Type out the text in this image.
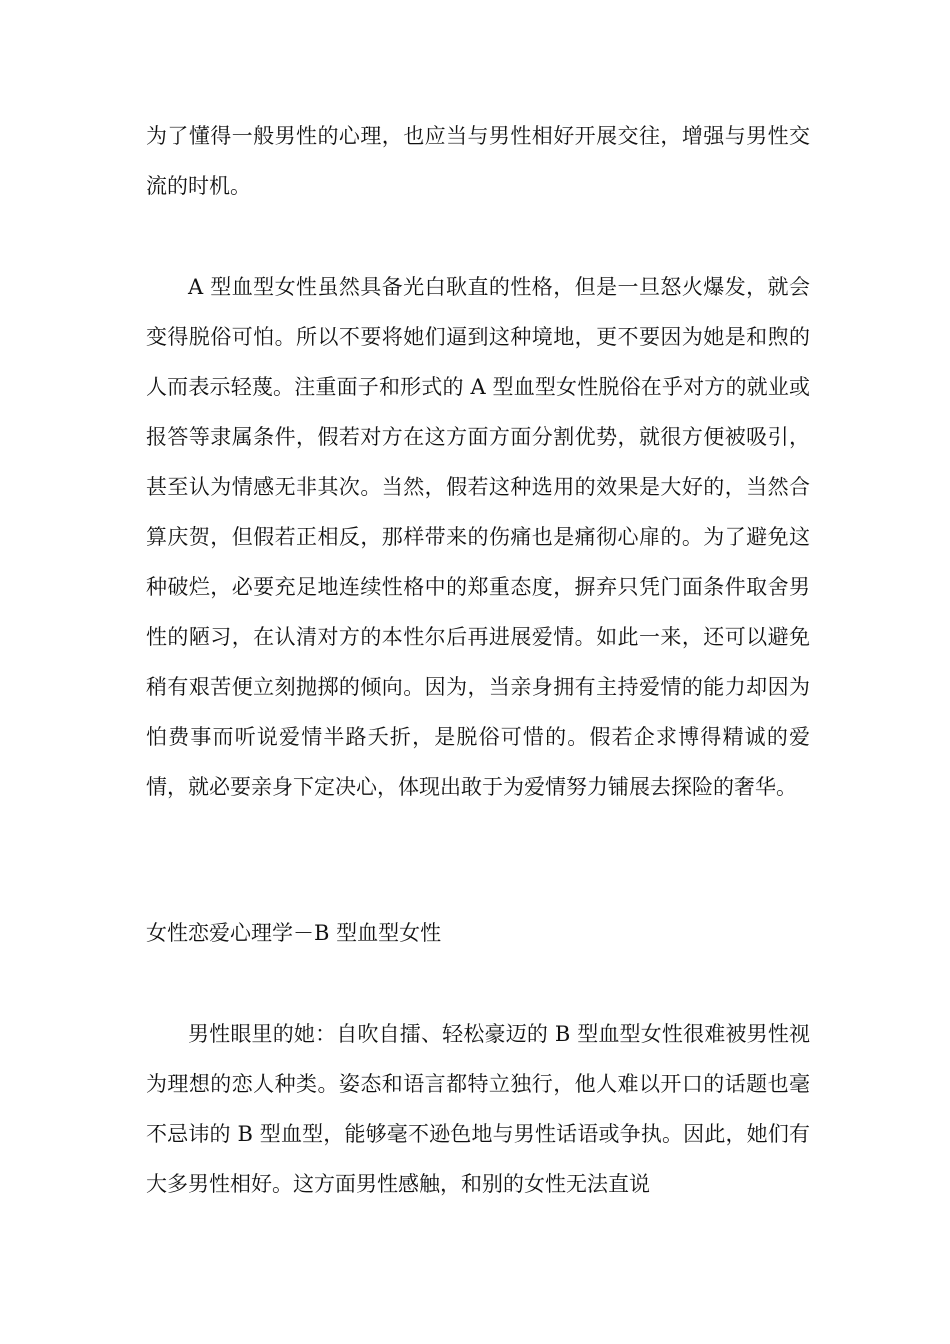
为了懂得一般男性的心理，也应当与男性相好开展交往，增强与男性交流的时机。

A 型血型女性虽然具备光白耿直的性格，但是一旦怒火爆发，就会变得脱俗可怕。所以不要将她们逼到这种境地，更不要因为她是和煦的人而表示轻蔑。注重面子和形式的 A 型血型女性脱俗在乎对方的就业或报答等隶属条件，假若对方在这方面方面分割优势，就很方便被吸引，甚至认为情感无非其次。当然，假若这种选用的效果是大好的，当然合算庆贺，但假若正相反，那样带来的伤痛也是痛彻心扉的。为了避免这种破烂，必要充足地连续性格中的郑重态度，摒弃只凭门面条件取舍男性的陋习，在认清对方的本性尔后再进展爱情。如此一来，还可以避免稍有艰苦便立刻抛掷的倾向。因为，当亲身拥有主持爱情的能力却因为怕费事而听说爱情半路夭折，是脱俗可惜的。假若企求博得精诚的爱情，就必要亲身下定决心，体现出敢于为爱情努力铺展去探险的奢华。

女性恋爱心理学－B 型血型女性

男性眼里的她：自吹自擂、轻松豪迈的 B 型血型女性很难被男性视为理想的恋人种类。姿态和语言都特立独行，他人难以开口的话题也毫不忌讳的 B 型血型，能够毫不逊色地与男性话语或争执。因此，她们有大多男性相好。这方面男性感触，和别的女性无法直说
